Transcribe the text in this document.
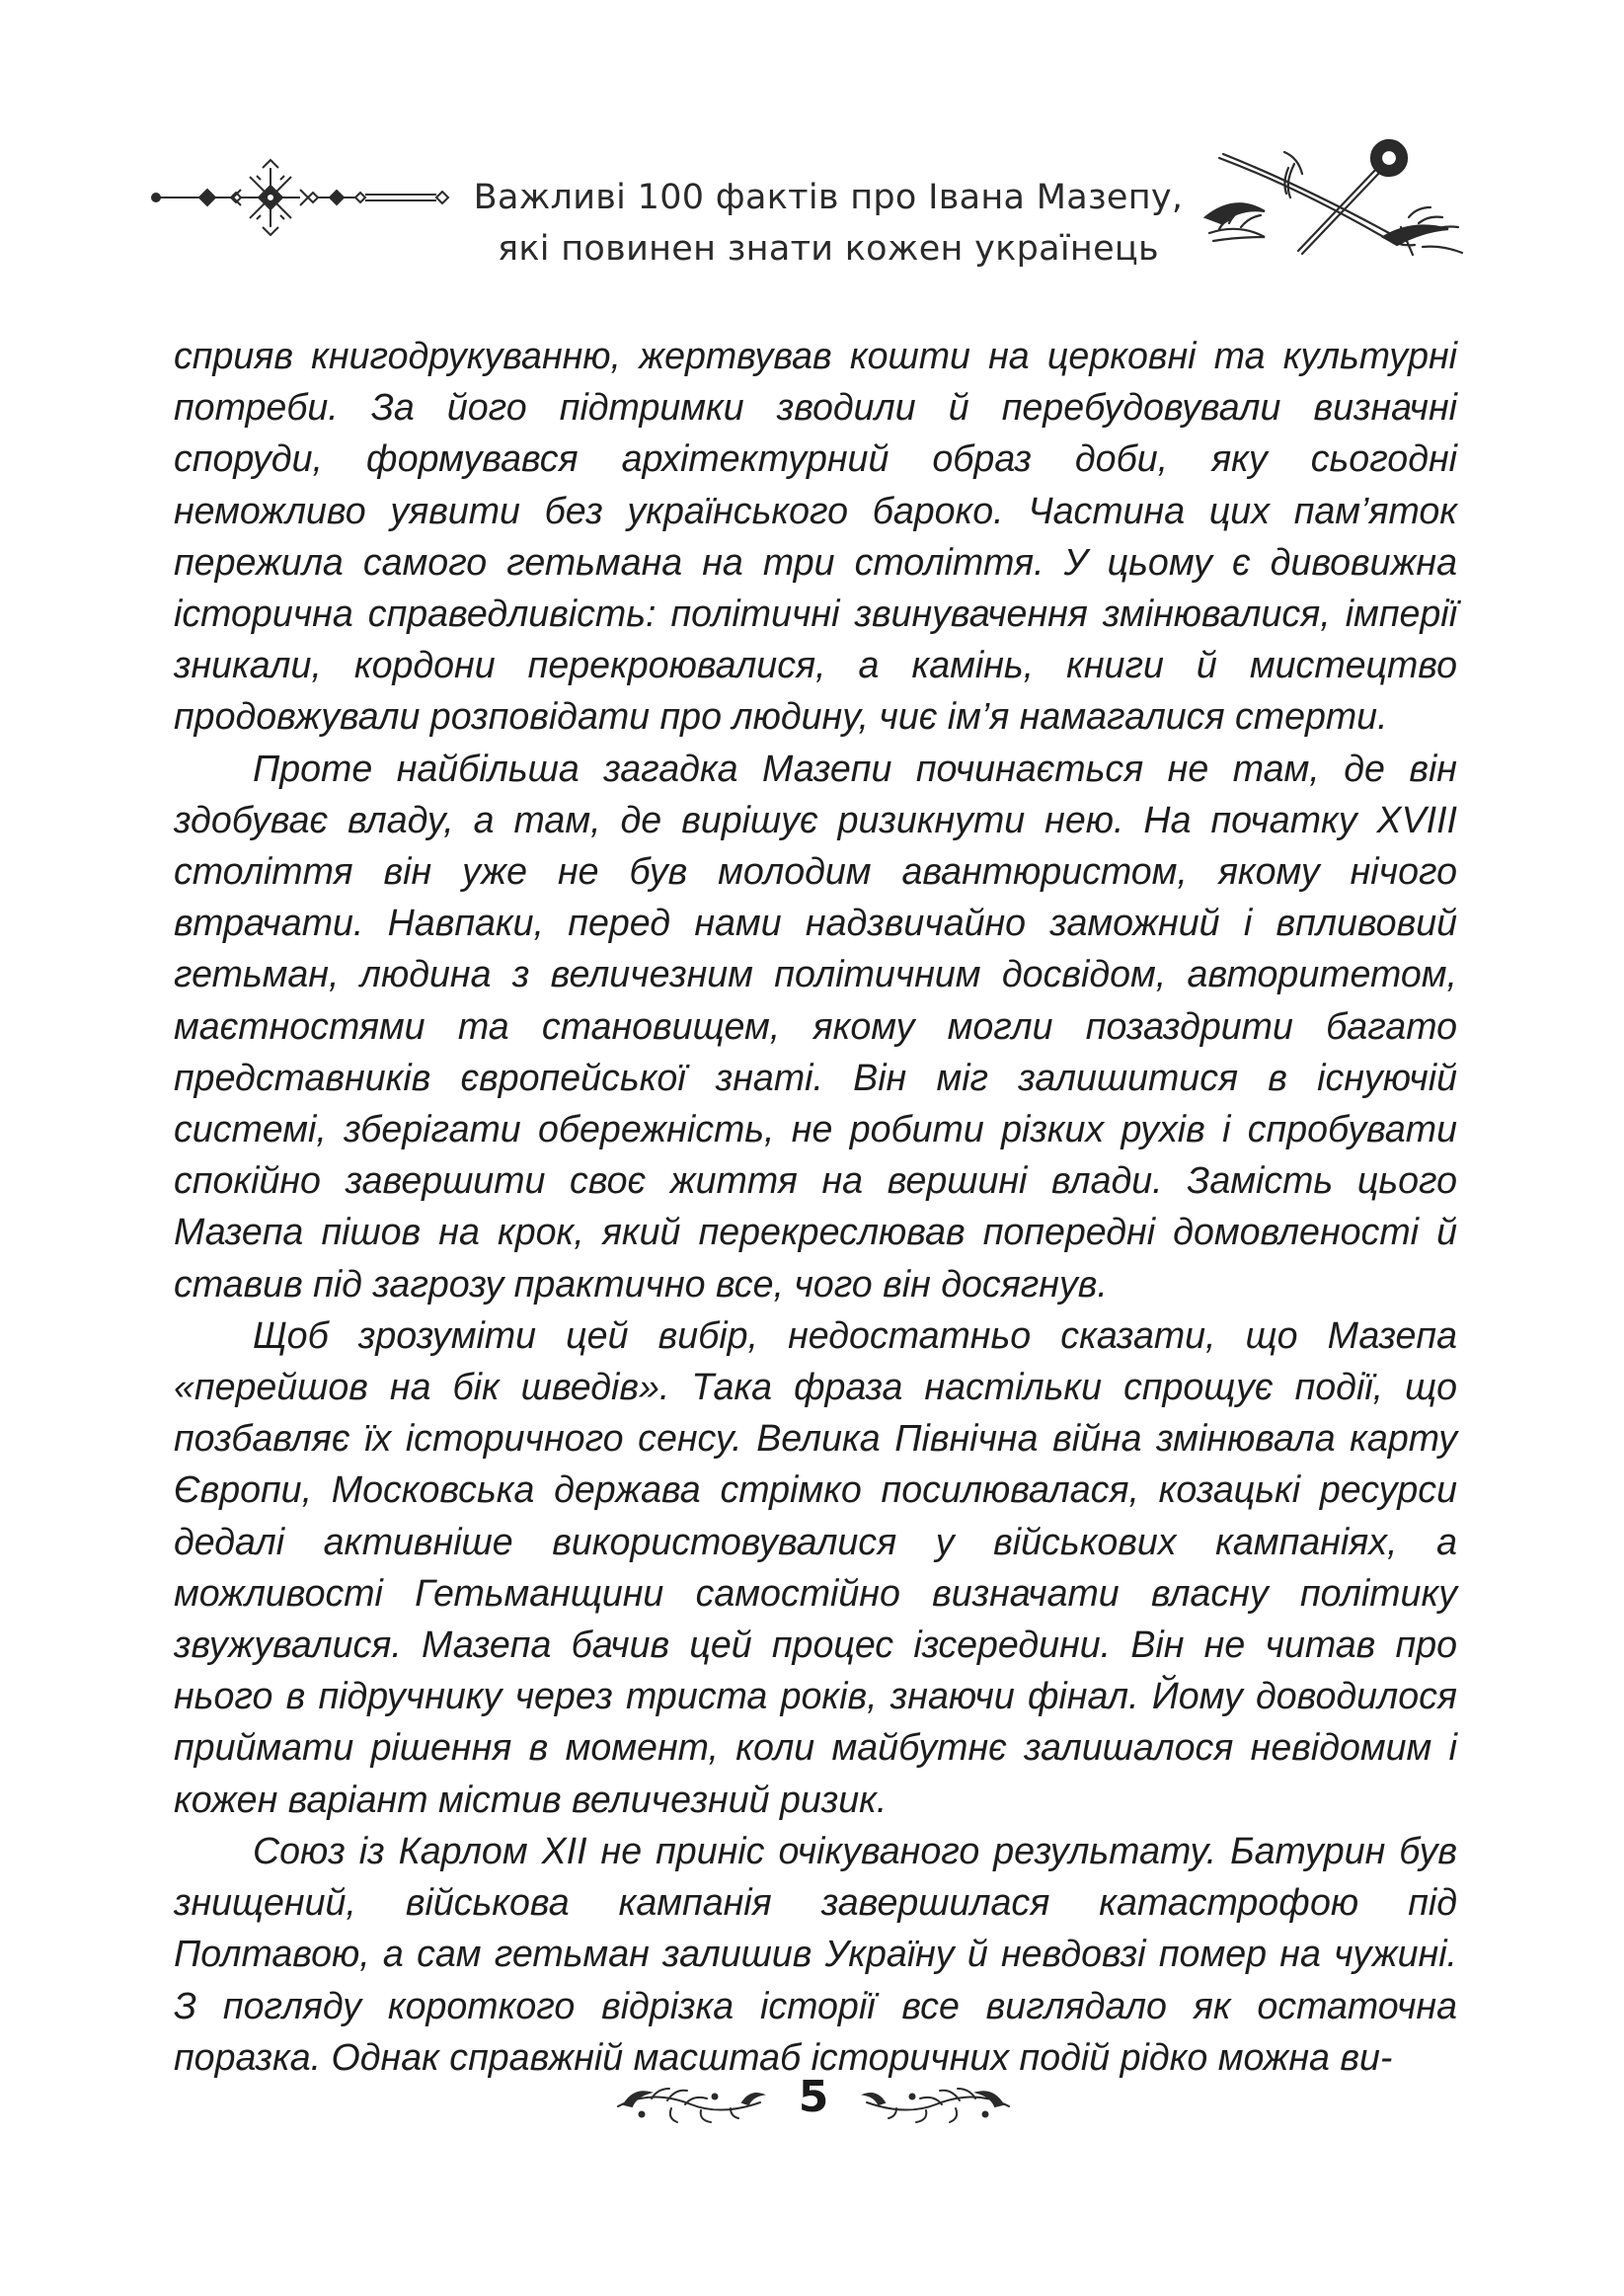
Важливі 100 фактів про Івана Мазепу,
які повинен знати кожен українець

сприяв книгодрукуванню, жертвував кошти на церковні та культурні потреби. За його підтримки зводили й перебудовували визначні споруди, формувався архітектурний образ доби, яку сьогодні неможливо уявити без українського бароко. Частина цих пам’яток пережила самого гетьмана на три століття. У цьому є дивовижна історична справедливість: політичні звинувачення змінювалися, імперії зникали, кордони перекроювалися, а камінь, книги й мистецтво продовжували розповідати про людину, чиє ім’я намагалися стерти.

Проте найбільша загадка Мазепи починається не там, де він здобуває владу, а там, де вирішує ризикнути нею. На початку XVIII століття він уже не був молодим авантюристом, якому нічого втрачати. Навпаки, перед нами надзвичайно заможний і впливовий гетьман, людина з величезним політичним досвідом, авторитетом, маєтностями та становищем, якому могли позаздрити багато представників європейської знаті. Він міг залишитися в існуючій системі, зберігати обережність, не робити різких рухів і спробувати спокійно завершити своє життя на вершині влади. Замість цього Мазепа пішов на крок, який перекреслював попередні домовленості й ставив під загрозу практично все, чого він досягнув.

Щоб зрозуміти цей вибір, недостатньо сказати, що Мазепа «перейшов на бік шведів». Така фраза настільки спрощує події, що позбавляє їх історичного сенсу. Велика Північна війна змінювала карту Європи, Московська держава стрімко посилювалася, козацькі ресурси дедалі активніше використовувалися у військових кампаніях, а можливості Гетьманщини самостійно визначати власну політику звужувалися. Мазепа бачив цей процес ізсередини. Він не читав про нього в підручнику через триста років, знаючи фінал. Йому доводилося приймати рішення в момент, коли майбутнє залишалося невідомим і кожен варіант містив величезний ризик.

Союз із Карлом XII не приніс очікуваного результату. Батурин був знищений, військова кампанія завершилася катастрофою під Полтавою, а сам гетьман залишив Україну й невдовзі помер на чужині. З погляду короткого відрізка історії все виглядало як остаточна поразка. Однак справжній масштаб історичних подій рідко можна ви-

5
